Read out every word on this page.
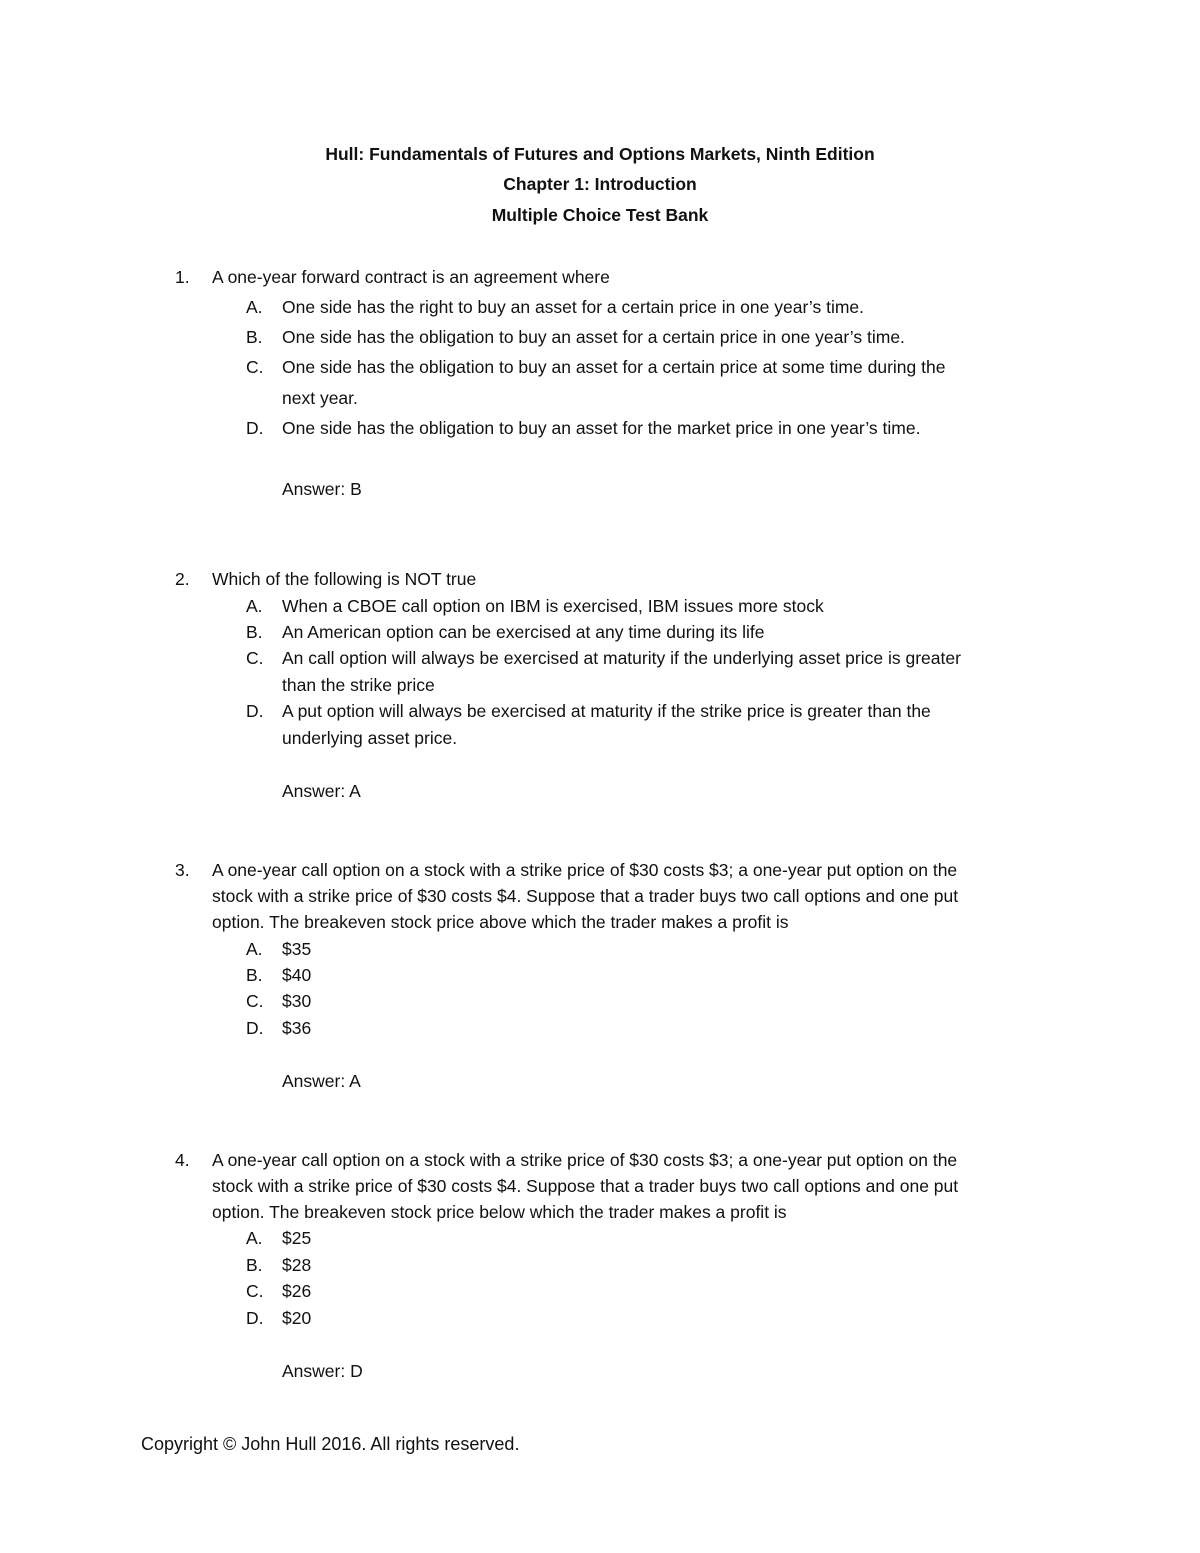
Hull: Fundamentals of Futures and Options Markets, Ninth Edition

Chapter 1: Introduction

Multiple Choice Test Bank

1.	A one-year forward contract is an agreement where

A.	One side has the right to buy an asset for a certain price in one year’s time.

B.	One side has the obligation to buy an asset for a certain price in one year’s time.

C.	One side has the obligation to buy an asset for a certain price at some time during the

next year.

D.	One side has the obligation to buy an asset for the market price in one year’s time.

Answer: B

2.	Which of the following is NOT true

A.	When a CBOE call option on IBM is exercised, IBM issues more stock

B.	An American option can be exercised at any time during its life

C.	An call option will always be exercised at maturity if the underlying asset price is greater

than the strike price

D.	A put option will always be exercised at maturity if the strike price is greater than the

underlying asset price.

Answer: A

3.	A one-year call option on a stock with a strike price of $30 costs $3; a one-year put option on the

stock with a strike price of $30 costs $4. Suppose that a trader buys two call options and one put

option. The breakeven stock price above which the trader makes a profit is

A.	$35

B.	$40

C.	$30

D.	$36

Answer: A

4.	A one-year call option on a stock with a strike price of $30 costs $3; a one-year put option on the

stock with a strike price of $30 costs $4. Suppose that a trader buys two call options and one put

option. The breakeven stock price below which the trader makes a profit is

A.	$25

B.	$28

C.	$26

D.	$20

Answer: D

Copyright © John Hull 2016. All rights reserved.
